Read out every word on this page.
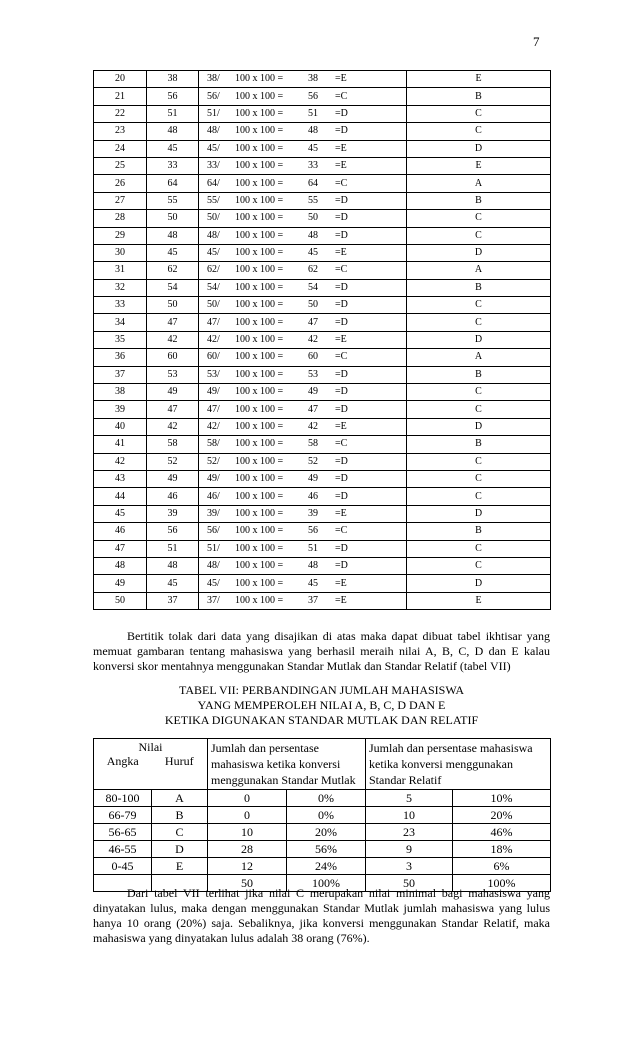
7
20	38	38/ 100 x 100 = 38 =E	E
21	56	56/ 100 x 100 = 56 =C	B
22	51	51/ 100 x 100 = 51 =D	C
23	48	48/ 100 x 100 = 48 =D	C
24	45	45/ 100 x 100 = 45 =E	D
25	33	33/ 100 x 100 = 33 =E	E
26	64	64/ 100 x 100 = 64 =C	A
27	55	55/ 100 x 100 = 55 =D	B
28	50	50/ 100 x 100 = 50 =D	C
29	48	48/ 100 x 100 = 48 =D	C
30	45	45/ 100 x 100 = 45 =E	D
31	62	62/ 100 x 100 = 62 =C	A
32	54	54/ 100 x 100 = 54 =D	B
33	50	50/ 100 x 100 = 50 =D	C
34	47	47/ 100 x 100 = 47 =D	C
35	42	42/ 100 x 100 = 42 =E	D
36	60	60/ 100 x 100 = 60 =C	A
37	53	53/ 100 x 100 = 53 =D	B
38	49	49/ 100 x 100 = 49 =D	C
39	47	47/ 100 x 100 = 47 =D	C
40	42	42/ 100 x 100 = 42 =E	D
41	58	58/ 100 x 100 = 58 =C	B
42	52	52/ 100 x 100 = 52 =D	C
43	49	49/ 100 x 100 = 49 =D	C
44	46	46/ 100 x 100 = 46 =D	C
45	39	39/ 100 x 100 = 39 =E	D
46	56	56/ 100 x 100 = 56 =C	B
47	51	51/ 100 x 100 = 51 =D	C
48	48	48/ 100 x 100 = 48 =D	C
49	45	45/ 100 x 100 = 45 =E	D
50	37	37/ 100 x 100 = 37 =E	E

Bertitik tolak dari data yang disajikan di atas maka dapat dibuat tabel ikhtisar yang memuat gambaran tentang mahasiswa yang berhasil meraih nilai A, B, C, D dan E kalau konversi skor mentahnya menggunakan Standar Mutlak dan Standar Relatif (tabel VII)

TABEL VII: PERBANDINGAN JUMLAH MAHASISWA
YANG MEMPEROLEH NILAI A, B, C, D DAN E
KETIKA DIGUNAKAN STANDAR MUTLAK DAN RELATIF
Nilai		Jumlah dan persentase mahasiswa ketika konversi menggunakan Standar Mutlak		Jumlah dan persentase mahasiswa ketika konversi menggunakan Standar Relatif	
Angka	Huruf				
80-100	A	0	0%	5	10%
66-79	B	0	0%	10	20%
56-65	C	10	20%	23	46%
46-55	D	28	56%	9	18%
0-45	E	12	24%	3	6%
		50	100%	50	100%

Dari tabel VII terlihat jika nilai C merupakan nilai minimal bagi mahasiswa yang dinyatakan lulus, maka dengan menggunakan Standar Mutlak jumlah mahasiswa yang lulus hanya 10 orang (20%) saja. Sebaliknya, jika konversi menggunakan Standar Relatif, maka mahasiswa yang dinyatakan lulus adalah 38 orang (76%).
